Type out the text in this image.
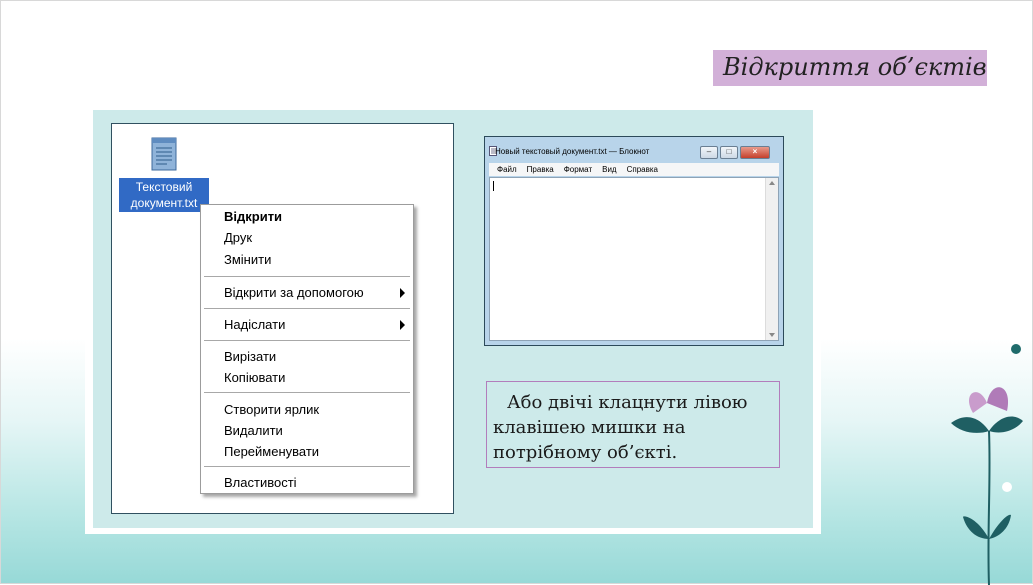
Відкриття об’єктів
Текстовий
документ.txt
Відкрити
Друк
Змінити
Відкрити за допомогою
Надіслати
Вирізати
Копіювати
Створити ярлик
Видалити
Перейменувати
Властивості
Новый текстовый документ.txt — Блокнот	–	□	×
Файл Правка Формат Вид Справка
Або двічі клацнути лівою клавішею мишки на потрібному об’єкті.
